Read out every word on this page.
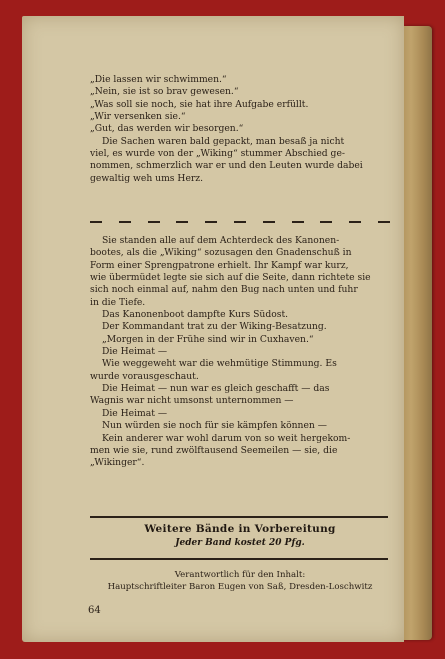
„Die lassen wir schwimmen.“
„Nein, sie ist so brav gewesen.“
„Was soll sie noch, sie hat ihre Aufgabe erfüllt.
„Wir versenken sie.“
„Gut, das werden wir besorgen.“
Die Sachen waren bald gepackt, man besaß ja nicht
viel, es wurde von der „Wiking“ stummer Abschied ge-
nommen, schmerzlich war er und den Leuten wurde dabei
gewaltig weh ums Herz.
Sie standen alle auf dem Achterdeck des Kanonen-
bootes, als die „Wiking“ sozusagen den Gnadenschuß in
Form einer Sprengpatrone erhielt. Ihr Kampf war kurz,
wie übermüdet legte sie sich auf die Seite, dann richtete sie
sich noch einmal auf, nahm den Bug nach unten und fuhr
in die Tiefe.
Das Kanonenboot dampfte Kurs Südost.
Der Kommandant trat zu der Wiking-Besatzung.
„Morgen in der Frühe sind wir in Cuxhaven.“
Die Heimat —
Wie weggeweht war die wehmütige Stimmung. Es
wurde vorausgeschaut.
Die Heimat — nun war es gleich geschafft — das
Wagnis war nicht umsonst unternommen —
Die Heimat —
Nun würden sie noch für sie kämpfen können —
Kein anderer war wohl darum von so weit hergekom-
men wie sie, rund zwölftausend Seemeilen — sie, die
„Wikinger“.
Weitere Bände in Vorbereitung
Jeder Band kostet 20 Pfg.
Verantwortlich für den Inhalt:
Hauptschriftleiter Baron Eugen von Saß, Dresden-Loschwitz
64
